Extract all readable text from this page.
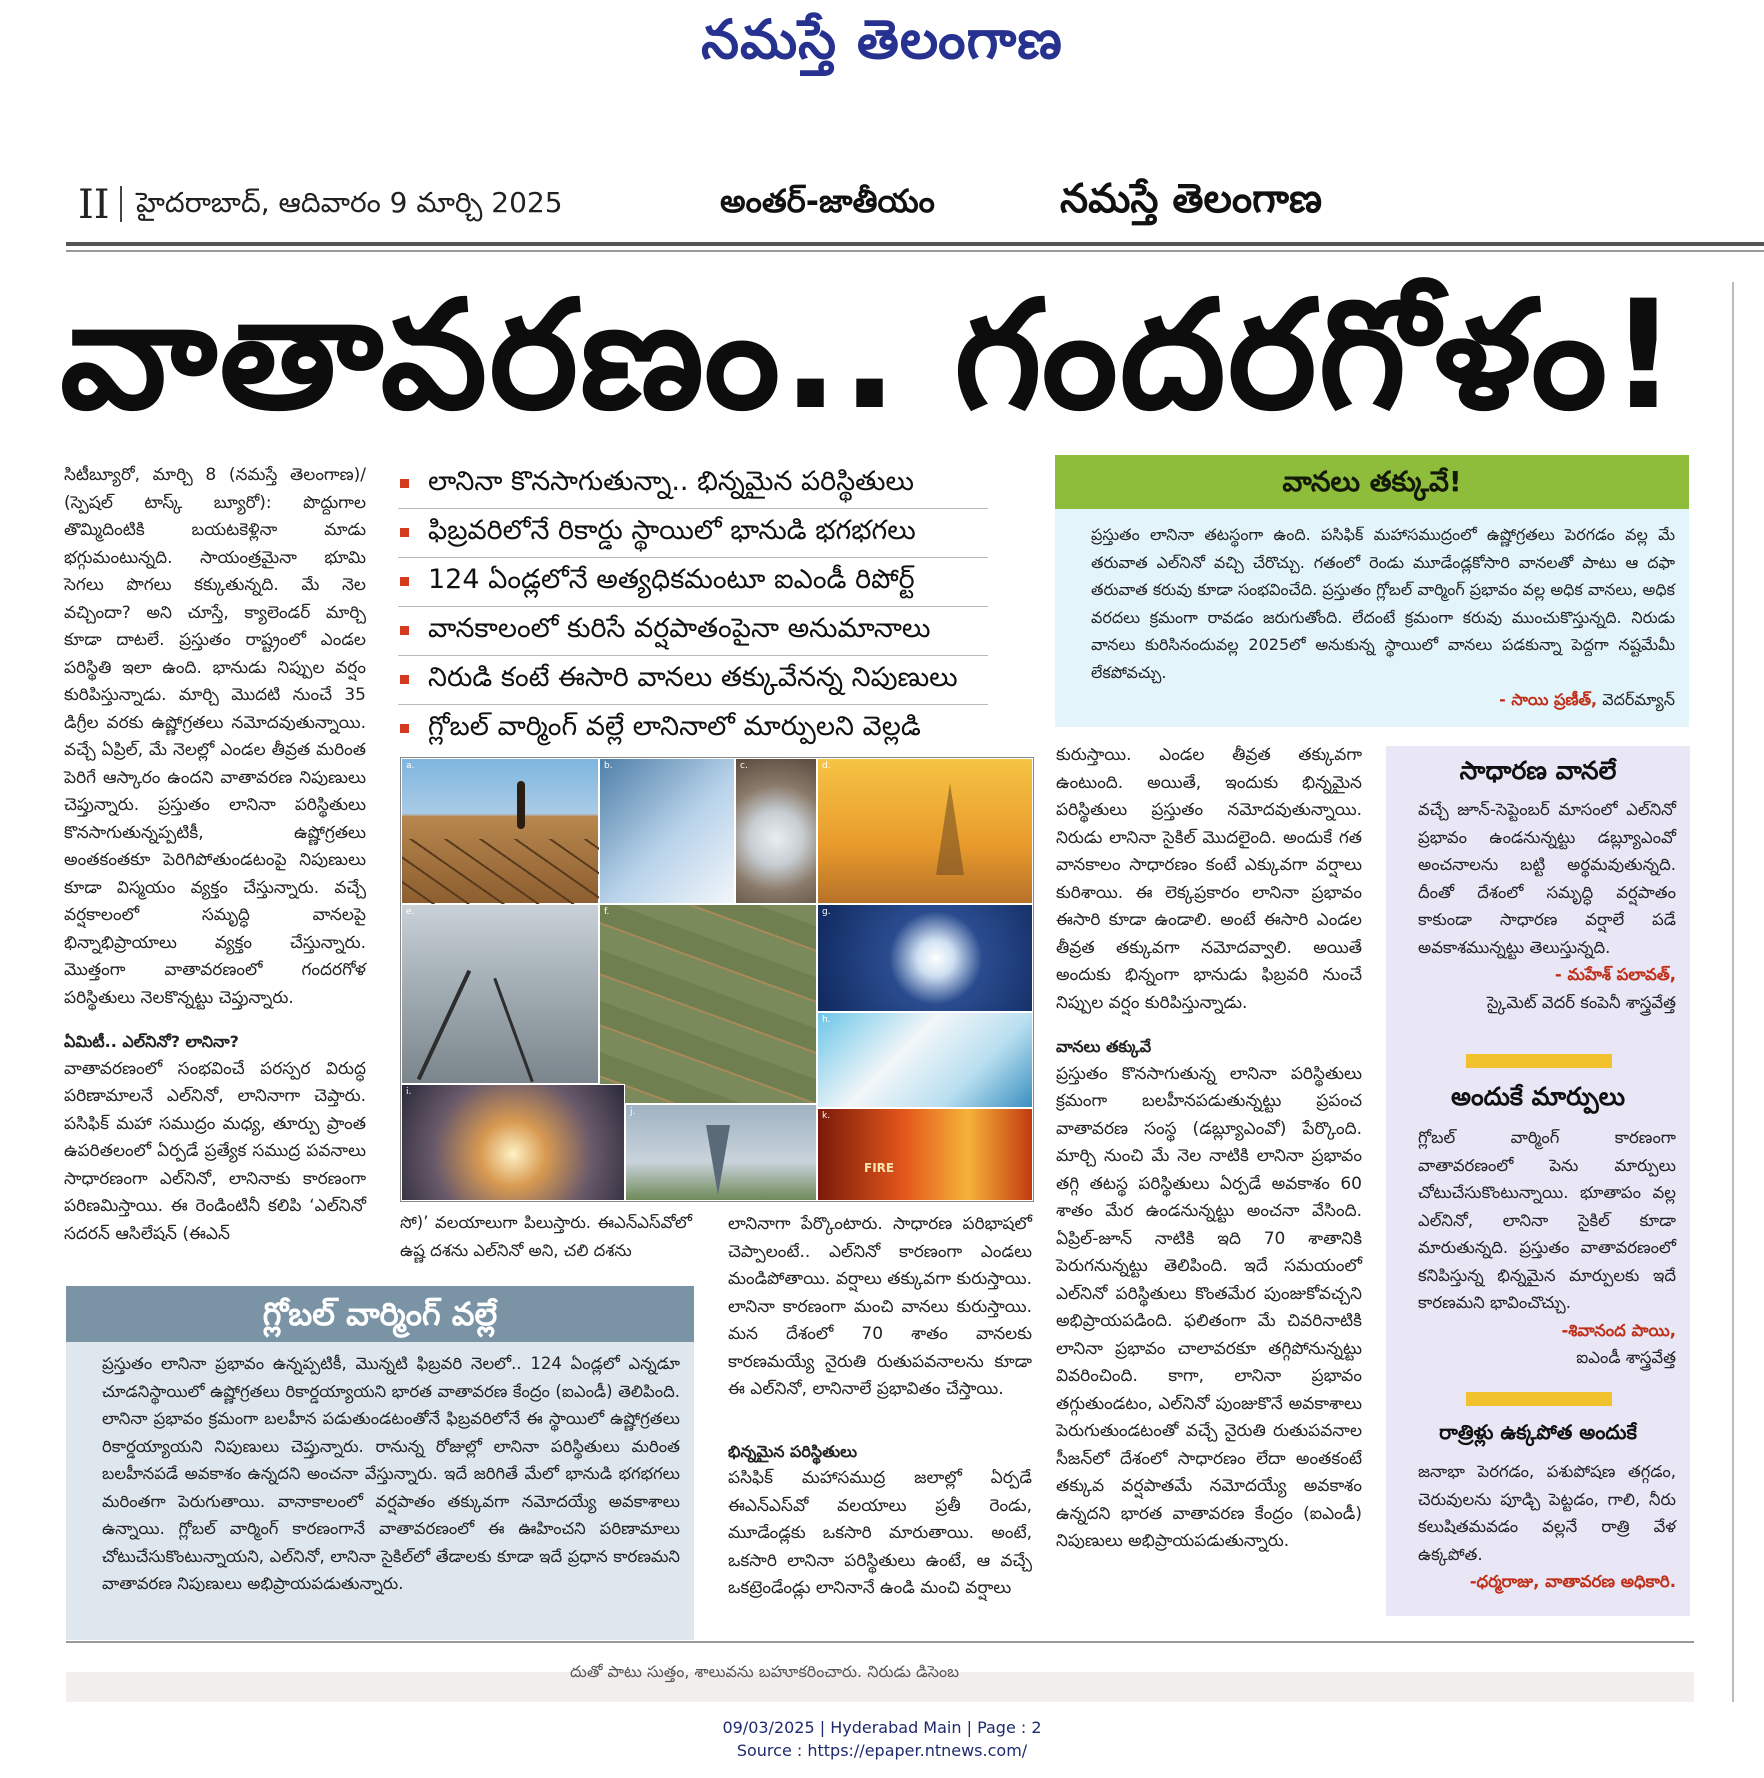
నమస్తే తెలంగాణ
II హైదరాబాద్, ఆదివారం 9 మార్చి 2025	అంతర్-జాతీయం	నమస్తే తెలంగాణ
వాతావరణం.. గందరగోళం!
సిటీబ్యూరో, మార్చి 8 (నమస్తే తెలంగాణ)/ (స్పెషల్ టాస్క్ బ్యూరో): పొద్దుగాల తొమ్మిదింటికి బయటకెళ్లినా మాడు భగ్గుమంటున్నది. సాయంత్రమైనా భూమి సెగలు పొగలు కక్కుతున్నది. మే నెల వచ్చిందా? అని చూస్తే, క్యాలెండర్ మార్చి కూడా దాటలే. ప్రస్తుతం రాష్ట్రంలో ఎండల పరిస్థితి ఇలా ఉంది. భానుడు నిప్పుల వర్షం కురిపిస్తున్నాడు. మార్చి మొదటి నుంచే 35 డిగ్రీల వరకు ఉష్ణోగ్రతలు నమోదవుతున్నాయి. వచ్చే ఏప్రిల్, మే నెలల్లో ఎండల తీవ్రత మరింత పెరిగే ఆస్కారం ఉందని వాతావరణ నిపుణులు చెప్తున్నారు. ప్రస్తుతం లానినా పరిస్థితులు కొనసాగుతున్నప్పటికీ, ఉష్ణోగ్రతలు అంతకంతకూ పెరిగిపోతుండటంపై నిపుణులు కూడా విస్మయం వ్యక్తం చేస్తున్నారు. వచ్చే వర్షకాలంలో సమృద్ధి వానలపై భిన్నాభిప్రాయాలు వ్యక్తం చేస్తున్నారు. మొత్తంగా వాతావరణంలో గందరగోళ పరిస్థితులు నెలకొన్నట్టు చెప్తున్నారు.
ఏమిటీ.. ఎల్‌నినో? లానినా?
వాతావరణంలో సంభవించే పరస్పర విరుద్ధ పరిణామాలనే ఎల్‌నినో, లానినాగా చెప్తారు. పసిఫిక్ మహా సముద్రం మధ్య, తూర్పు ప్రాంత ఉపరితలంలో ఏర్పడే ప్రత్యేక సముద్ర పవనాలు సాధారణంగా ఎల్‌నినో, లానినాకు కారణంగా పరిణమిస్తాయి. ఈ రెండింటినీ కలిపి ‘ఎల్‌నినో సదరన్ ఆసిలేషన్ (ఈఎన్
లానినా కొనసాగుతున్నా.. భిన్నమైన పరిస్థితులు
ఫిబ్రవరిలోనే రికార్డు స్థాయిలో భానుడి భగభగలు
124 ఏండ్లలోనే అత్యధికమంటూ ఐఎండీ రిపోర్ట్
వానకాలంలో కురిసే వర్షపాతంపైనా అనుమానాలు
నిరుడి కంటే ఈసారి వానలు తక్కువేనన్న నిపుణులు
గ్లోబల్ వార్మింగ్ వల్లే లానినాలో మార్పులని వెల్లడి
a.	b.	c.	d.
e.	f.	g.
h.
i.
j.	k.
FIRE
సో)’ వలయాలుగా పిలుస్తారు. ఈఎన్ఎస్‌వోలో ఉష్ణ దశను ఎల్‌నినో అని, చలి దశను
వానలు తక్కువే!
ప్రస్తుతం లానినా తటస్థంగా ఉంది. పసిఫిక్ మహాసముద్రంలో ఉష్ణోగ్రతలు పెరగడం వల్ల మే తరువాత ఎల్‌నినో వచ్చి చేరొచ్చు. గతంలో రెండు మూడేండ్లకోసారి వానలతో పాటు ఆ దఫా తరువాత కరువు కూడా సంభవించేది. ప్రస్తుతం గ్లోబల్ వార్మింగ్ ప్రభావం వల్ల అధిక వానలు, అధిక వరదలు క్రమంగా రావడం జరుగుతోంది. లేదంటే క్రమంగా కరువు ముంచుకొస్తున్నది. నిరుడు వానలు కురిసినందువల్ల 2025లో అనుకున్న స్థాయిలో వానలు పడకున్నా పెద్దగా నష్టమేమీ లేకపోవచ్చు.
- సాయి ప్రణీత్, వెదర్‌మ్యాన్
కురుస్తాయి. ఎండల తీవ్రత తక్కువగా ఉంటుంది. అయితే, ఇందుకు భిన్నమైన పరిస్థితులు ప్రస్తుతం నమోదవుతున్నాయి. నిరుడు లానినా సైకిల్ మొదలైంది. అందుకే గత వానకాలం సాధారణం కంటే ఎక్కువగా వర్షాలు కురిశాయి. ఈ లెక్కప్రకారం లానినా ప్రభావం ఈసారి కూడా ఉండాలి. అంటే ఈసారి ఎండల తీవ్రత తక్కువగా నమోదవ్వాలి. అయితే అందుకు భిన్నంగా భానుడు ఫిబ్రవరి నుంచే నిప్పుల వర్షం కురిపిస్తున్నాడు.
వానలు తక్కువే
ప్రస్తుతం కొనసాగుతున్న లానినా పరిస్థితులు క్రమంగా బలహీనపడుతున్నట్టు ప్రపంచ వాతావరణ సంస్థ (డబ్ల్యూఎంవో) పేర్కొంది. మార్చి నుంచి మే నెల నాటికి లానినా ప్రభావం తగ్గి తటస్థ పరిస్థితులు ఏర్పడే అవకాశం 60 శాతం మేర ఉండనున్నట్టు అంచనా వేసింది. ఏప్రిల్-జూన్ నాటికి ఇది 70 శాతానికి పెరుగనున్నట్టు తెలిపింది. ఇదే సమయంలో ఎల్‌నినో పరిస్థితులు కొంతమేర పుంజుకోవచ్చని అభిప్రాయపడింది. ఫలితంగా మే చివరినాటికి లానినా ప్రభావం చాలావరకూ తగ్గిపోనున్నట్టు వివరించింది. కాగా, లానినా ప్రభావం తగ్గుతుండటం, ఎల్‌నినో పుంజుకొనే అవకాశాలు పెరుగుతుండటంతో వచ్చే నైరుతి రుతుపవనాల సీజన్‌లో దేశంలో సాధారణం లేదా అంతకంటే తక్కువ వర్షపాతమే నమోదయ్యే అవకాశం ఉన్నదని భారత వాతావరణ కేంద్రం (ఐఎండీ) నిపుణులు అభిప్రాయపడుతున్నారు.
సాధారణ వానలే
వచ్చే జూన్-సెప్టెంబర్ మాసంలో ఎల్‌నినో ప్రభావం ఉండనున్నట్టు డబ్ల్యూఎంవో అంచనాలను బట్టి అర్థమవుతున్నది. దీంతో దేశంలో సమృద్ధి వర్షపాతం కాకుండా సాధారణ వర్షాలే పడే అవకాశమున్నట్టు తెలుస్తున్నది.
- మహేశ్ పలావత్,
స్కైమెట్ వెదర్ కంపెనీ శాస్త్రవేత్త
అందుకే మార్పులు
గ్లోబల్ వార్మింగ్ కారణంగా వాతావరణంలో పెను మార్పులు చోటుచేసుకొంటున్నాయి. భూతాపం వల్ల ఎల్‌నినో, లానినా సైకిల్ కూడా మారుతున్నది. ప్రస్తుతం వాతావరణంలో కనిపిస్తున్న భిన్నమైన మార్పులకు ఇదే కారణమని భావించొచ్చు.
-శివానంద పాయి,
ఐఎండీ శాస్త్రవేత్త
రాత్రిళ్లు ఉక్కపోత అందుకే
జనాభా పెరగడం, పశుపోషణ తగ్గడం, చెరువులను పూడ్చి పెట్టడం, గాలి, నీరు కలుషితమవడం వల్లనే రాత్రి వేళ ఉక్కపోత.
-ధర్మరాజు, వాతావరణ అధికారి.
గ్లోబల్ వార్మింగ్ వల్లే
ప్రస్తుతం లానినా ప్రభావం ఉన్నప్పటికీ, మొన్నటి ఫిబ్రవరి నెలలో.. 124 ఏండ్లలో ఎన్నడూ చూడనిస్థాయిలో ఉష్ణోగ్రతలు రికార్డయ్యాయని భారత వాతావరణ కేంద్రం (ఐఎండీ) తెలిపింది. లానినా ప్రభావం క్రమంగా బలహీన పడుతుండటంతోనే ఫిబ్రవరిలోనే ఈ స్థాయిలో ఉష్ణోగ్రతలు రికార్డయ్యాయని నిపుణులు చెప్తున్నారు. రానున్న రోజుల్లో లానినా పరిస్థితులు మరింత బలహీనపడే అవకాశం ఉన్నదని అంచనా వేస్తున్నారు. ఇదే జరిగితే మేలో భానుడి భగభగలు మరింతగా పెరుగుతాయి. వానాకాలంలో వర్షపాతం తక్కువగా నమోదయ్యే అవకాశాలు ఉన్నాయి. గ్లోబల్ వార్మింగ్ కారణంగానే వాతావరణంలో ఈ ఊహించని పరిణామాలు చోటుచేసుకొంటున్నాయని, ఎల్‌నినో, లానినా సైకిల్‌లో తేడాలకు కూడా ఇదే ప్రధాన కారణమని వాతావరణ నిపుణులు అభిప్రాయపడుతున్నారు.
లానినాగా పేర్కొంటారు. సాధారణ పరిభాషలో చెప్పాలంటే.. ఎల్‌నినో కారణంగా ఎండలు మండిపోతాయి. వర్షాలు తక్కువగా కురుస్తాయి. లానినా కారణంగా మంచి వానలు కురుస్తాయి. మన దేశంలో 70 శాతం వానలకు కారణమయ్యే నైరుతి రుతుపవనాలను కూడా ఈ ఎల్‌నినో, లానినాలే ప్రభావితం చేస్తాయి.
భిన్నమైన పరిస్థితులు
పసిఫిక్ మహాసముద్ర జలాల్లో ఏర్పడే ఈఎన్ఎస్‌వో వలయాలు ప్రతీ రెండు, మూడేండ్లకు ఒకసారి మారుతాయి. అంటే, ఒకసారి లానినా పరిస్థితులు ఉంటే, ఆ వచ్చే ఒకట్రెండేండ్లు లానినానే ఉండి మంచి వర్షాలు
దుతో పాటు సుత్తం, శాలువను బహూకరించారు. నిరుడు డిసెంబ
09/03/2025 | Hyderabad Main | Page : 2
Source : https://epaper.ntnews.com/
